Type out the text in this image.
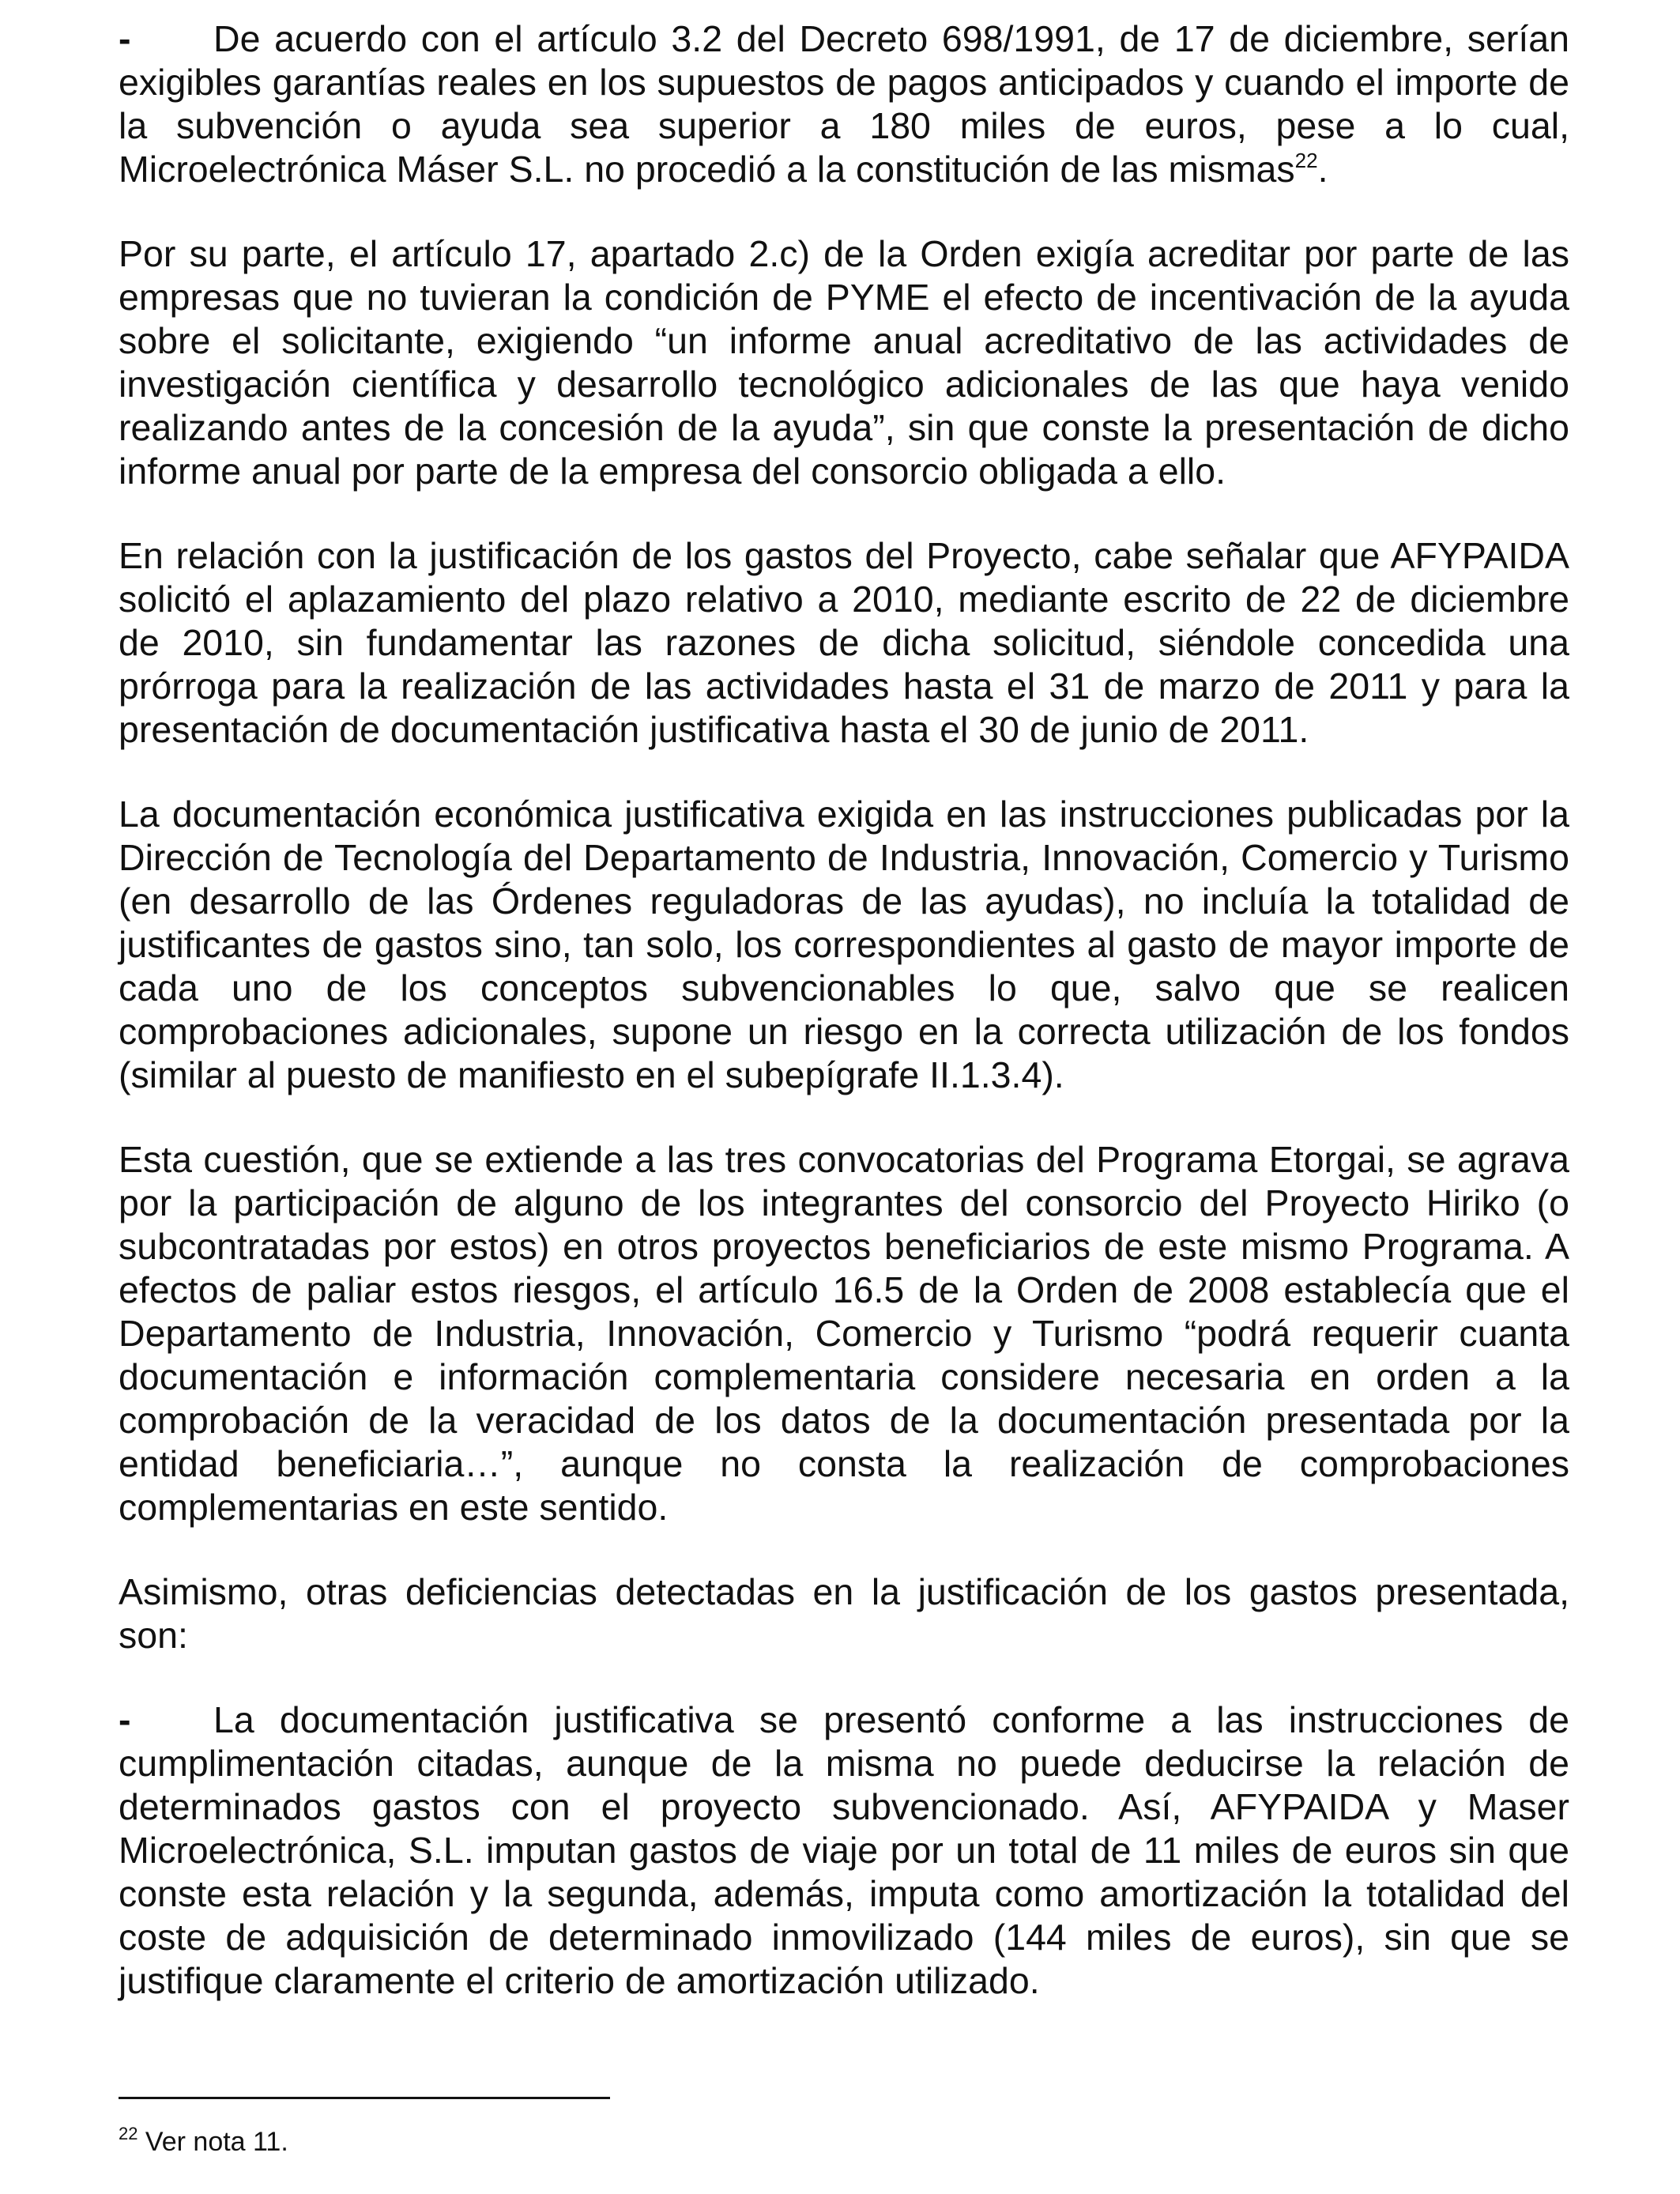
-	De acuerdo con el artículo 3.2 del Decreto 698/1991, de 17 de diciembre, serían exigibles garantías reales en los supuestos de pagos anticipados y cuando el importe de la subvención o ayuda sea superior a 180 miles de euros, pese a lo cual, Microelectrónica Máser S.L. no procedió a la constitución de las mismas$^{22}$.

Por su parte, el artículo 17, apartado 2.c) de la Orden exigía acreditar por parte de las empresas que no tuvieran la condición de PYME el efecto de incentivación de la ayuda sobre el solicitante, exigiendo “un informe anual acreditativo de las actividades de investigación científica y desarrollo tecnológico adicionales de las que haya venido realizando antes de la concesión de la ayuda”, sin que conste la presentación de dicho informe anual por parte de la empresa del consorcio obligada a ello.

En relación con la justificación de los gastos del Proyecto, cabe señalar que AFYPAIDA solicitó el aplazamiento del plazo relativo a 2010, mediante escrito de 22 de diciembre de 2010, sin fundamentar las razones de dicha solicitud, siéndole concedida una prórroga para la realización de las actividades hasta el 31 de marzo de 2011 y para la presentación de documentación justificativa hasta el 30 de junio de 2011.

La documentación económica justificativa exigida en las instrucciones publicadas por la Dirección de Tecnología del Departamento de Industria, Innovación, Comercio y Turismo (en desarrollo de las Órdenes reguladoras de las ayudas), no incluía la totalidad de justificantes de gastos sino, tan solo, los correspondientes al gasto de mayor importe de cada uno de los conceptos subvencionables lo que, salvo que se realicen comprobaciones adicionales, supone un riesgo en la correcta utilización de los fondos (similar al puesto de manifiesto en el subepígrafe II.1.3.4).

Esta cuestión, que se extiende a las tres convocatorias del Programa Etorgai, se agrava por la participación de alguno de los integrantes del consorcio del Proyecto Hiriko (o subcontratadas por estos) en otros proyectos beneficiarios de este mismo Programa. A efectos de paliar estos riesgos, el artículo 16.5 de la Orden de 2008 establecía que el Departamento de Industria, Innovación, Comercio y Turismo “podrá requerir cuanta documentación e información complementaria considere necesaria en orden a la comprobación de la veracidad de los datos de la documentación presentada por la entidad beneficiaria…”, aunque no consta la realización de comprobaciones complementarias en este sentido.

Asimismo, otras deficiencias detectadas en la justificación de los gastos presentada, son:

-	La documentación justificativa se presentó conforme a las instrucciones de cumplimentación citadas, aunque de la misma no puede deducirse la relación de determinados gastos con el proyecto subvencionado. Así, AFYPAIDA y Maser Microelectrónica, S.L. imputan gastos de viaje por un total de 11 miles de euros sin que conste esta relación y la segunda, además, imputa como amortización la totalidad del coste de adquisición de determinado inmovilizado (144 miles de euros), sin que se justifique claramente el criterio de amortización utilizado.

$^{22}$ Ver nota 11.
